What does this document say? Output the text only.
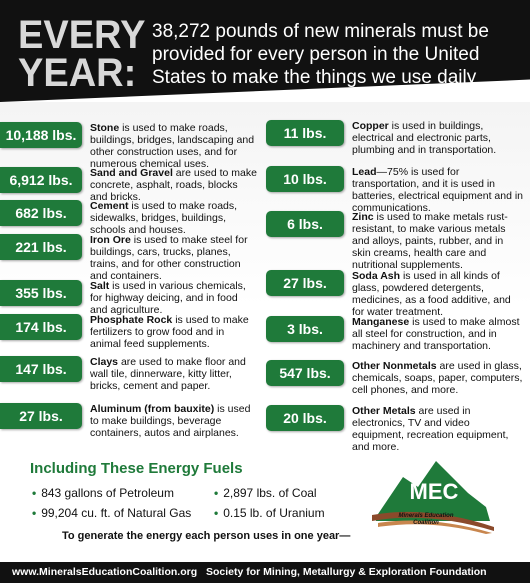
EVERY
YEAR:
38,272 pounds of new minerals must be provided for every person in the United States to make the things we use daily
10,188 lbs.	Stone is used to make roads, buildings, bridges, landscaping and other construction uses, and for numerous chemical uses.
6,912 lbs.	Sand and Gravel are used to make concrete, asphalt, roads, blocks and bricks.
682 lbs.	Cement is used to make roads, sidewalks, bridges, buildings, schools and houses.
221 lbs.	Iron Ore is used to make steel for buildings, cars, trucks, planes, trains, and for other construction and containers.
355 lbs.	Salt is used in various chemicals, for highway deicing, and in food and agriculture.
174 lbs.	Phosphate Rock is used to make fertilizers to grow food and in animal feed supplements.
147 lbs.	Clays are used to make floor and wall tile, dinnerware, kitty litter, bricks, cement and paper.
27 lbs.	Aluminum (from bauxite) is used to make buildings, beverage containers, autos and airplanes.
11 lbs.	Copper is used in buildings, electrical and electronic parts, plumbing and in transportation.
10 lbs.	Lead—75% is used for transportation, and it is used in batteries, electrical equipment and in communications.
6 lbs.	Zinc is used to make metals rust-resistant, to make various metals and alloys, paints, rubber, and in skin creams, health care and nutritional supplements.
27 lbs.	Soda Ash is used in all kinds of glass, powdered detergents, medicines, as a food additive, and for water treatment.
3 lbs.	Manganese is used to make almost all steel for construction, and in machinery and transportation.
547 lbs.	Other Nonmetals are used in glass, chemicals, soaps, paper, computers, cell phones, and more.
20 lbs.	Other Metals are used in electronics, TV and video equipment, recreation equipment, and more.
Including These Energy Fuels
• 843 gallons of Petroleum	• 2,897 lbs. of Coal
• 99,204 cu. ft. of Natural Gas • 0.15 lb. of Uranium
To generate the energy each person uses in one year—
MEC
Minerals Education
Coalition
www.MineralsEducationCoalition.org Society for Mining, Metallurgy & Exploration Foundation
